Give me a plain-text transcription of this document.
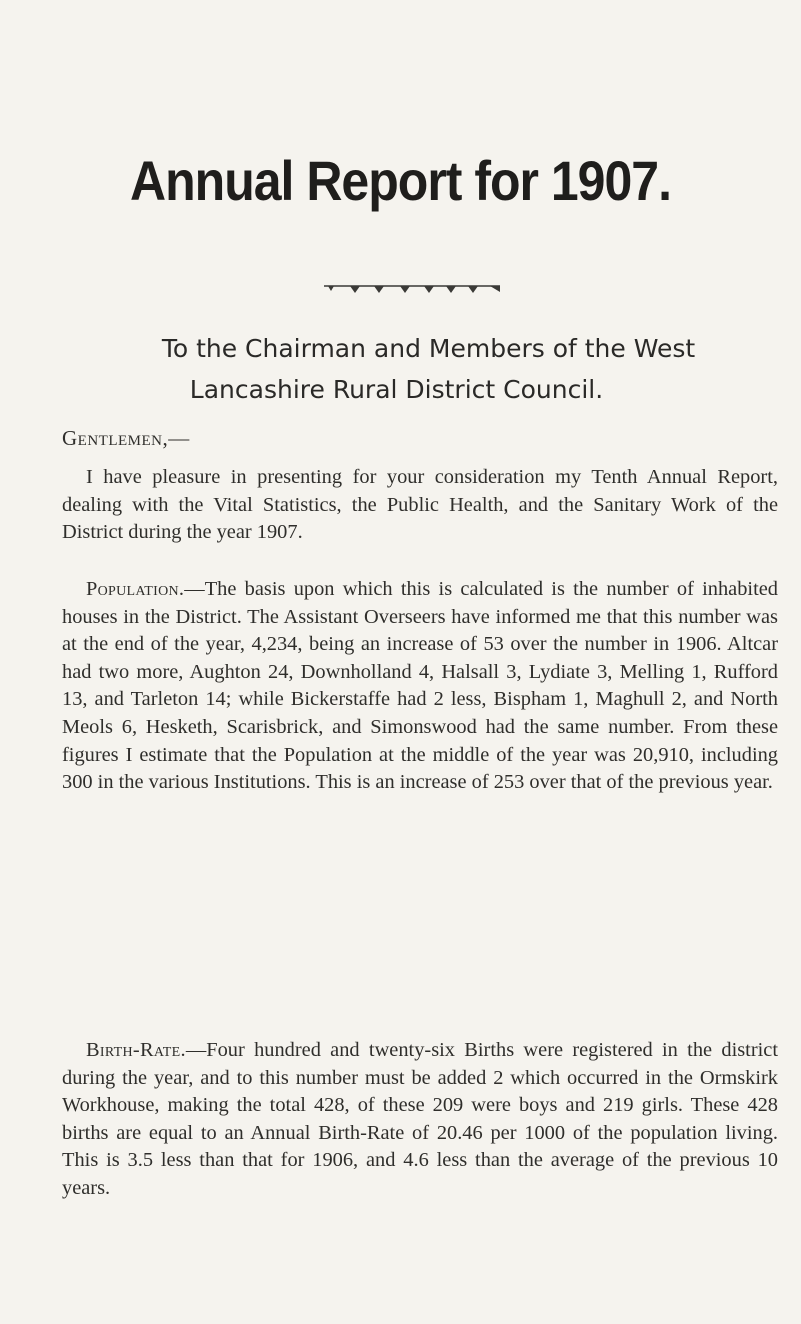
Annual Report for 1907.
To the Chairman and Members of the West
Lancashire Rural District Council.
Gentlemen,—

I have pleasure in presenting for your consideration my Tenth Annual Report, dealing with the Vital Statistics, the Public Health, and the Sanitary Work of the District during the year 1907.

Population.—The basis upon which this is calculated is the number of inhabited houses in the District. The Assistant Overseers have informed me that this number was at the end of the year, 4,234, being an increase of 53 over the number in 1906. Altcar had two more, Aughton 24, Downholland 4, Halsall 3, Lydiate 3, Melling 1, Rufford 13, and Tarleton 14; while Bickerstaffe had 2 less, Bispham 1, Maghull 2, and North Meols 6, Hesketh, Scarisbrick, and Simonswood had the same number. From these figures I estimate that the Population at the middle of the year was 20,910, including 300 in the various Institutions. This is an increase of 253 over that of the previous year.

Birth-Rate.—Four hundred and twenty-six Births were registered in the district during the year, and to this number must be added 2 which occurred in the Ormskirk Workhouse, making the total 428, of these 209 were boys and 219 girls. These 428 births are equal to an Annual Birth-Rate of 20.46 per 1000 of the population living. This is 3.5 less than that for 1906, and 4.6 less than the average of the previous 10 years.
